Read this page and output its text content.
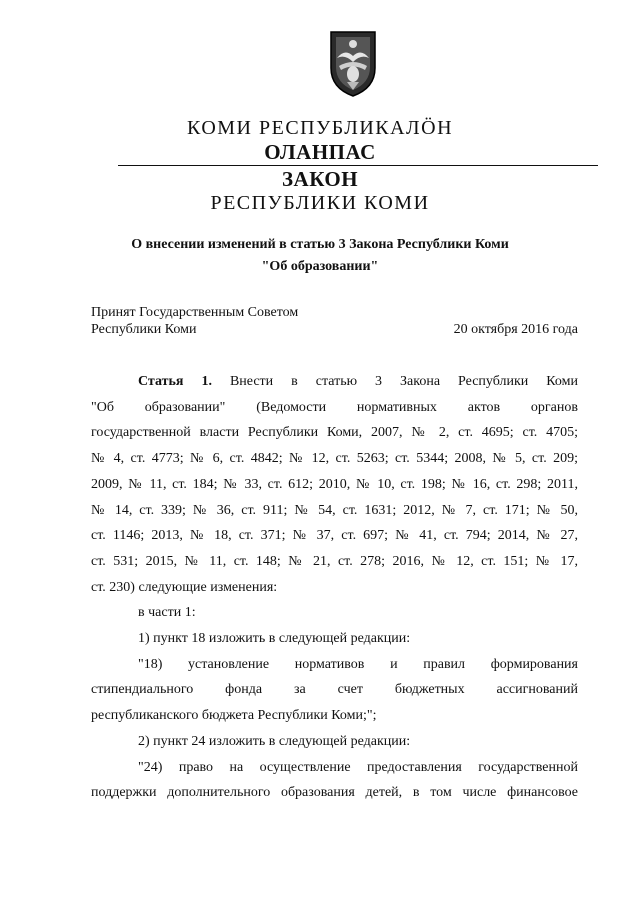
КОМИ РЕСПУБЛИКАЛӦН
ОЛАНПАС
ЗАКОН
РЕСПУБЛИКИ КОМИ
О внесении изменений в статью 3 Закона Республики Коми
"Об образовании"
Принят Государственным Советом
Республики Коми	20 октября 2016 года

Статья 1. Внести в статью 3 Закона Республики Коми

"Об образовании" (Ведомости нормативных актов органов

государственной власти Республики Коми, 2007, № 2, ст. 4695; ст. 4705;

№ 4, ст. 4773; № 6, ст. 4842; № 12, ст. 5263; ст. 5344; 2008, № 5, ст. 209;

2009, № 11, ст. 184; № 33, ст. 612; 2010, № 10, ст. 198; № 16, ст. 298; 2011,

№ 14, ст. 339; № 36, ст. 911; № 54, ст. 1631; 2012, № 7, ст. 171; № 50,

ст. 1146; 2013, № 18, ст. 371; № 37, ст. 697; № 41, ст. 794; 2014, № 27,

ст. 531; 2015, № 11, ст. 148; № 21, ст. 278; 2016, № 12, ст. 151; № 17,

ст. 230) следующие изменения:

в части 1:

1) пункт 18 изложить в следующей редакции:

"18) установление нормативов и правил формирования

стипендиального фонда за счет бюджетных ассигнований

республиканского бюджета Республики Коми;";

2) пункт 24 изложить в следующей редакции:

"24) право на осуществление предоставления государственной

поддержки дополнительного образования детей, в том числе финансовое
